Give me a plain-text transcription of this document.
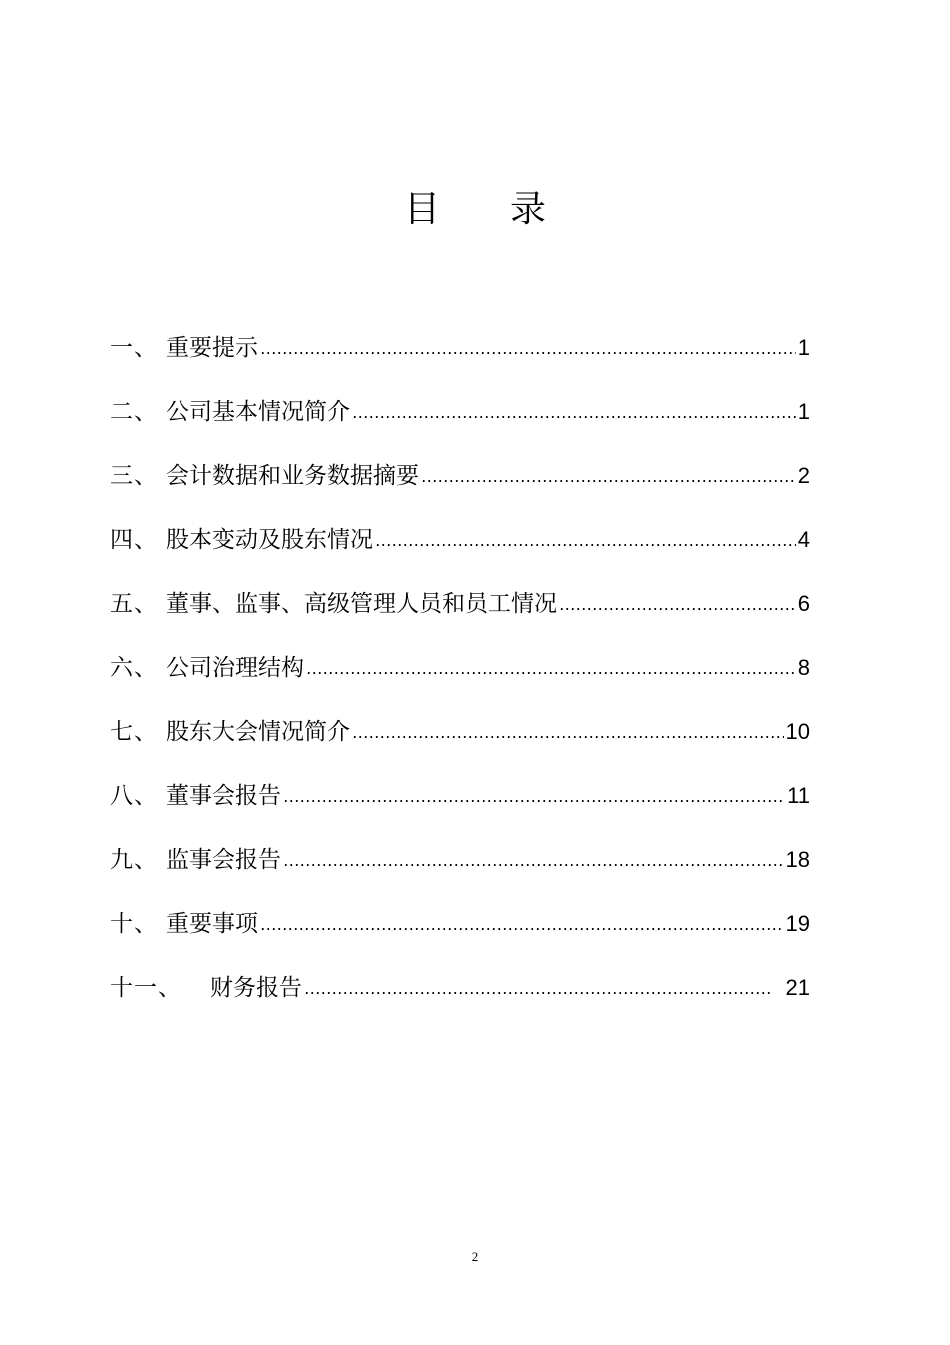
目 录
一、 重要提示	1
二、 公司基本情况简介	1
三、 会计数据和业务数据摘要	2
四、 股本变动及股东情况	4
五、 董事、监事、高级管理人员和员工情况	6
六、 公司治理结构	8
七、 股东大会情况简介	10
八、 董事会报告	11
九、 监事会报告	18
十、 重要事项	19
十一、	财务报告	21
2
